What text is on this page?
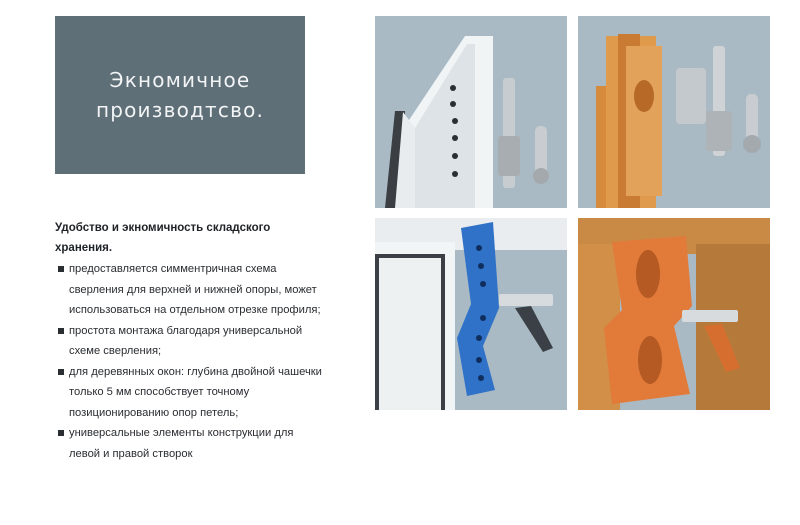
Экномичное
производтсво.

Удобство и экномичность складского хранения.

предоставляется симментричная схема сверления для верхней и нижней опоры, может использоваться на отдельном отрезке профиля;
простота монтажа благодаря универсальной схеме сверления;
для деревянных окон: глубина двойной чашечки только 5 мм способствует точному позиционированию опор петель;
универсальные элементы конструкции для левой и правой створок
